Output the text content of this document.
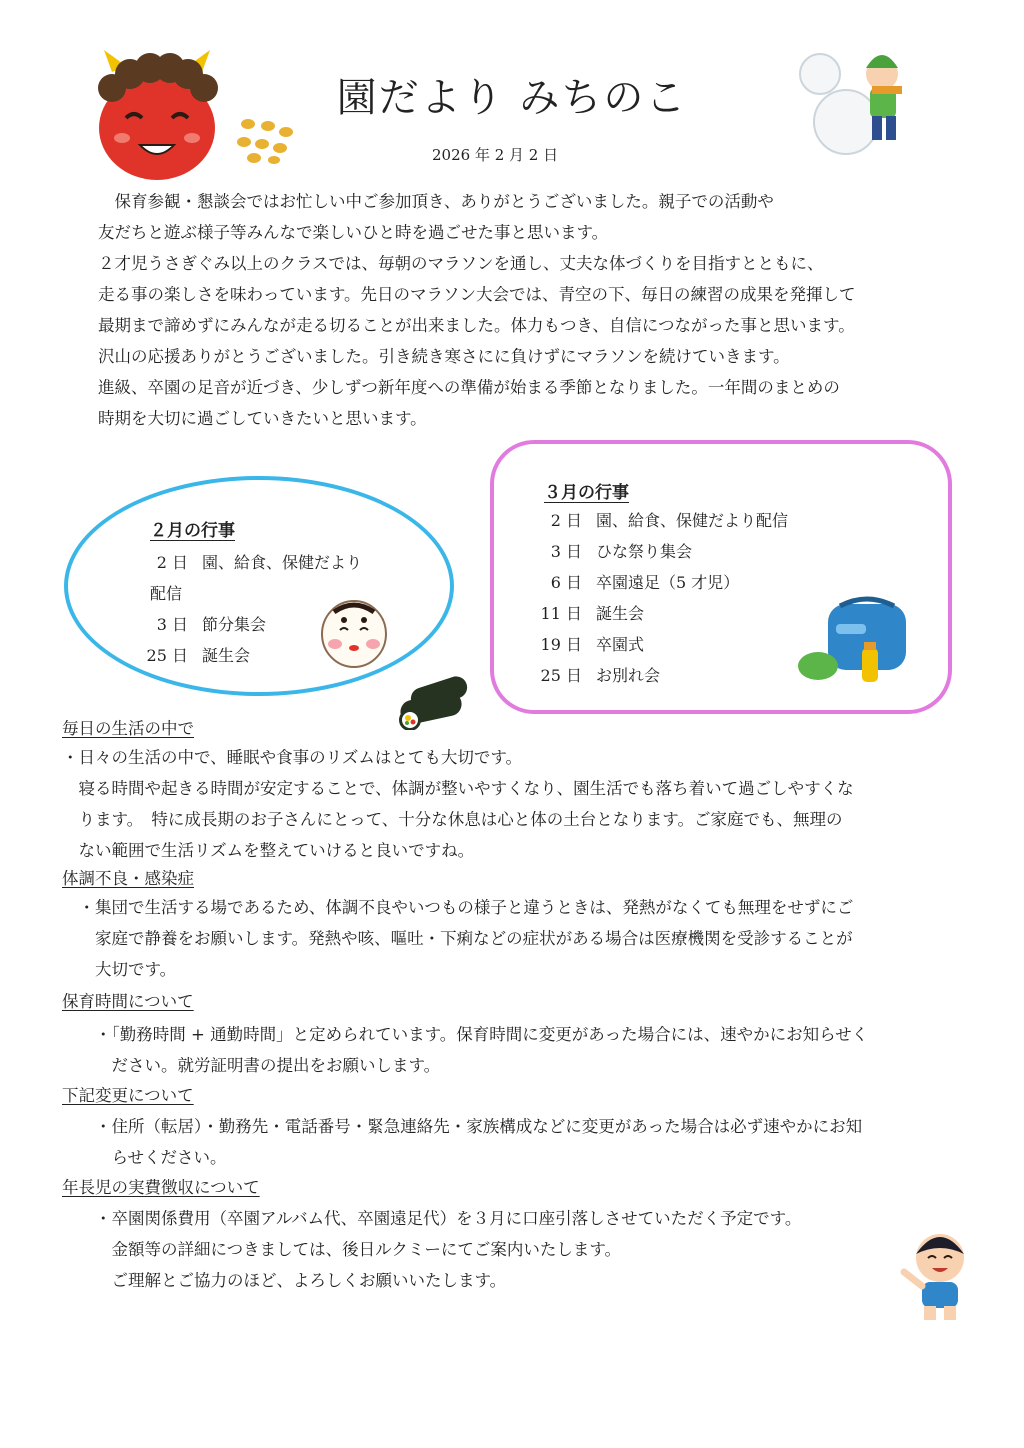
園だより みちのこ
2026 年 2 月 2 日

　保育参観・懇談会ではお忙しい中ご参加頂き、ありがとうございました。親子での活動や

友だちと遊ぶ様子等みんなで楽しいひと時を過ごせた事と思います。

２才児うさぎぐみ以上のクラスでは、毎朝のマラソンを通し、丈夫な体づくりを目指すとともに、

走る事の楽しさを味わっています。先日のマラソン大会では、青空の下、毎日の練習の成果を発揮して

最期まで諦めずにみんなが走る切ることが出来ました。体力もつき、自信につながった事と思います。

沢山の応援ありがとうございました。引き続き寒さにに負けずにマラソンを続けていきます。

進級、卒園の足音が近づき、少しずつ新年度への準備が始まる季節となりました。一年間のまとめの

時期を大切に過ごしていきたいと思います。

２月の行事
2 日 園、給食、保健だより
配信
3 日 節分集会
25 日 誕生会
３月の行事
2 日 園、給食、保健だより配信
3 日 ひな祭り集会
6 日 卒園遠足（5 才児）
11 日 誕生会
19 日 卒園式
25 日 お別れ会
毎日の生活の中で

・日々の生活の中で、睡眠や食事のリズムはとても大切です。

　寝る時間や起きる時間が安定することで、体調が整いやすくなり、園生活でも落ち着いて過ごしやすくな

　ります。　特に成長期のお子さんにとって、十分な休息は心と体の土台となります。ご家庭でも、無理の

　ない範囲で生活リズムを整えていけると良いですね。

体調不良・感染症

　・集団で生活する場であるため、体調不良やいつもの様子と違うときは、発熱がなくても無理をせずにご

　　家庭で静養をお願いします。発熱や咳、嘔吐・下痢などの症状がある場合は医療機関を受診することが

　　大切です。

保育時間について

　　・「勤務時間 + 通勤時間」と定められています。保育時間に変更があった場合には、速やかにお知らせく

　　　ださい。就労証明書の提出をお願いします。

下記変更について

　　・住所（転居）・勤務先・電話番号・緊急連絡先・家族構成などに変更があった場合は必ず速やかにお知

　　　らせください。

年長児の実費徴収について

　　・卒園関係費用（卒園アルバム代、卒園遠足代）を３月に口座引落しさせていただく予定です。

　　　金額等の詳細につきましては、後日ルクミーにてご案内いたします。

　　　ご理解とご協力のほど、よろしくお願いいたします。
